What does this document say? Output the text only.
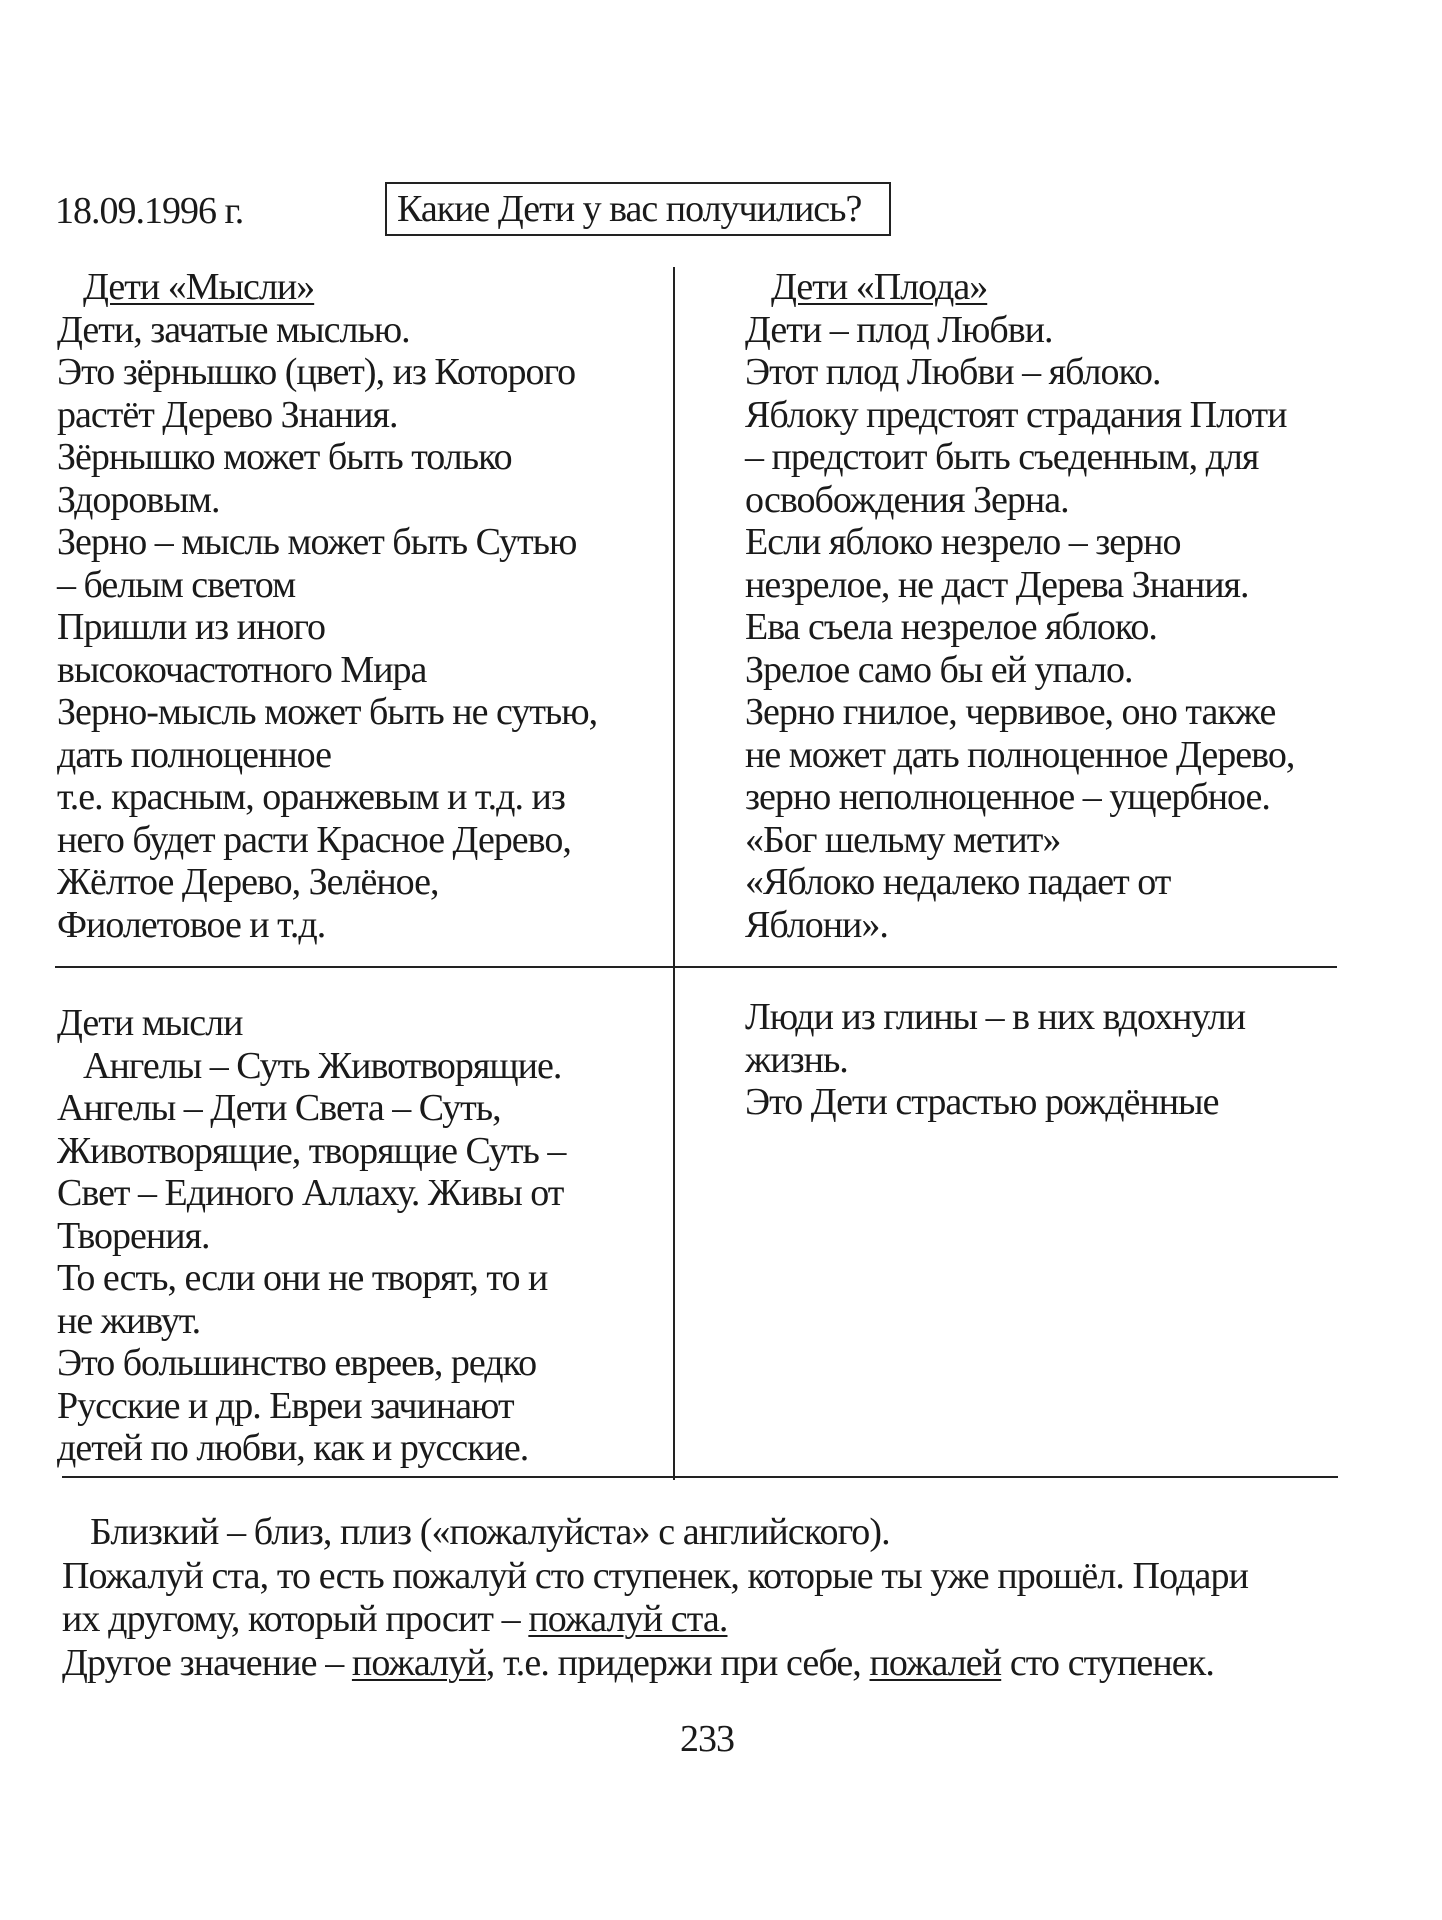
18.09.1996 г.	Какие Дети у вас получились?
Дети «Мысли»
Дети, зачатые мыслью.
Это зёрнышко (цвет), из Которого
растёт Дерево Знания.
Зёрнышко может быть только
Здоровым.
Зерно – мысль может быть Сутью
– белым светом
Пришли из иного
высокочастотного Мира
Зерно-мысль может быть не сутью,
дать полноценное
т.е. красным, оранжевым и т.д. из
него будет расти Красное Дерево,
Жёлтое Дерево, Зелёное,
Фиолетовое и т.д.
Дети «Плода»
Дети – плод Любви.
Этот плод Любви – яблоко.
Яблоку предстоят страдания Плоти
– предстоит быть съеденным, для
освобождения Зерна.
Если яблоко незрело – зерно
незрелое, не даст Дерева Знания.
Ева съела незрелое яблоко.
Зрелое само бы ей упало.
Зерно гнилое, червивое, оно также
не может дать полноценное Дерево,
зерно неполноценное – ущербное.
«Бог шельму метит»
«Яблоко недалеко падает от
Яблони».
Дети мысли
Ангелы – Суть Животворящие.
Ангелы – Дети Света – Суть,
Животворящие, творящие Суть –
Свет – Единого Аллаху. Живы от
Творения.
То есть, если они не творят, то и
не живут.
Это большинство евреев, редко
Русские и др. Евреи зачинают
детей по любви, как и русские.
Люди из глины – в них вдохнули
жизнь.
Это Дети страстью рождённые
Близкий – близ, плиз («пожалуйста» с английского).
Пожалуй ста, то есть пожалуй сто ступенек, которые ты уже прошёл. Подари
их другому, который просит – пожалуй ста.
Другое значение – пожалуй, т.е. придержи при себе, пожалей сто ступенек.
233
